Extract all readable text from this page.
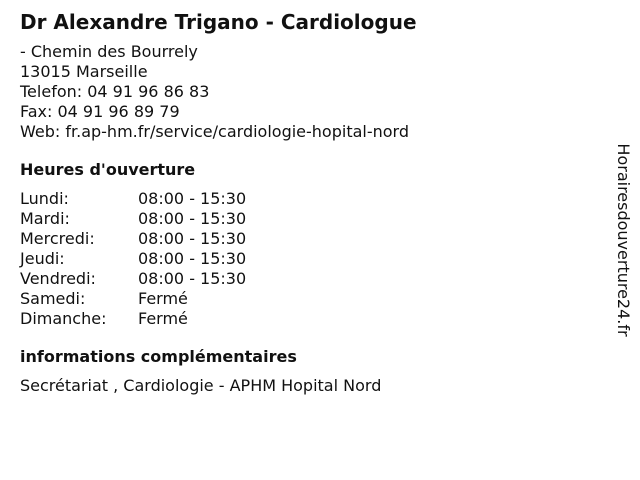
Dr Alexandre Trigano - Cardiologue
- Chemin des Bourrely
13015 Marseille
Telefon: 04 91 96 86 83
Fax: 04 91 96 89 79
Web: fr.ap-hm.fr/service/cardiologie-hopital-nord
Heures d'ouverture
Lundi:	08:00 - 15:30
Mardi:	08:00 - 15:30
Mercredi:	08:00 - 15:30
Jeudi:	08:00 - 15:30
Vendredi:	08:00 - 15:30
Samedi:	Fermé
Dimanche:	Fermé
informations complémentaires
Secrétariat , Cardiologie - APHM Hopital Nord
Horairesdouverture24.fr
